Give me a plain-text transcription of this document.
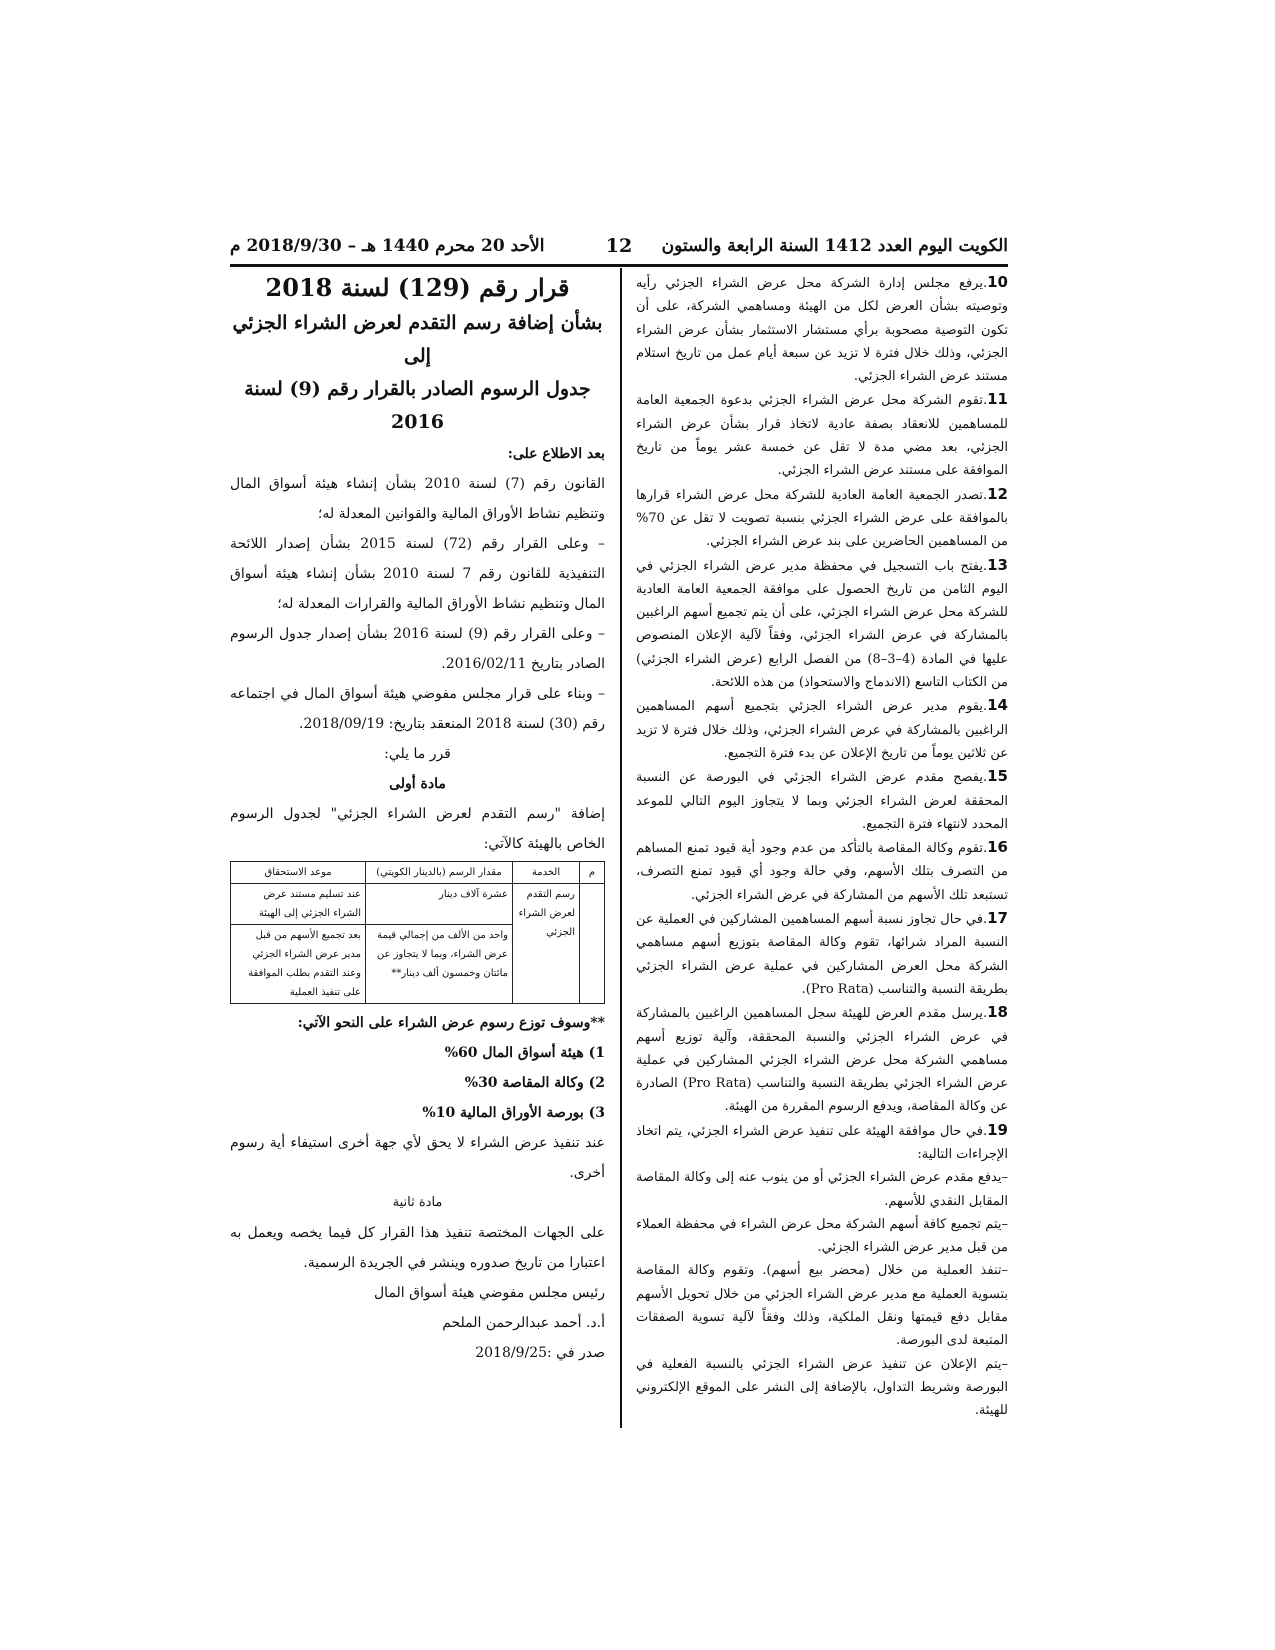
الكويت اليوم العدد 1412 السنة الرابعة والستون
12
الأحد 20 محرم 1440 هـ – 2018/9/30 م

10.يرفع مجلس إدارة الشركة محل عرض الشراء الجزئي رأيه وتوصيته بشأن العرض لكل من الهيئة ومساهمي الشركة، على أن تكون التوصية مصحوبة برأي مستشار الاستثمار بشأن عرض الشراء الجزئي، وذلك خلال فترة لا تزيد عن سبعة أيام عمل من تاريخ استلام مستند عرض الشراء الجزئي.

11.تقوم الشركة محل عرض الشراء الجزئي بدعوة الجمعية العامة للمساهمين للانعقاد بصفة عادية لاتخاذ قرار بشأن عرض الشراء الجزئي، بعد مضي مدة لا تقل عن خمسة عشر يوماً من تاريخ الموافقة على مستند عرض الشراء الجزئي.

12.تصدر الجمعية العامة العادية للشركة محل عرض الشراء قرارها بالموافقة على عرض الشراء الجزئي بنسبة تصويت لا تقل عن 70% من المساهمين الحاضرين على بند عرض الشراء الجزئي.

13.يفتح باب التسجيل في محفظة مدير عرض الشراء الجزئي في اليوم الثامن من تاريخ الحصول على موافقة الجمعية العامة العادية للشركة محل عرض الشراء الجزئي، على أن يتم تجميع أسهم الراغبين بالمشاركة في عرض الشراء الجزئي، وفقاً لآلية الإعلان المنصوص عليها في المادة (4–3–8) من الفصل الرابع (عرض الشراء الجزئي) من الكتاب التاسع (الاندماج والاستحواذ) من هذه اللائحة.

14.يقوم مدير عرض الشراء الجزئي بتجميع أسهم المساهمين الراغبين بالمشاركة في عرض الشراء الجزئي، وذلك خلال فترة لا تزيد عن ثلاثين يوماً من تاريخ الإعلان عن بدء فترة التجميع.

15.يفصح مقدم عرض الشراء الجزئي في البورصة عن النسبة المحققة لعرض الشراء الجزئي وبما لا يتجاوز اليوم التالي للموعد المحدد لانتهاء فترة التجميع.

16.تقوم وكالة المقاصة بالتأكد من عدم وجود أية قيود تمنع المساهم من التصرف بتلك الأسهم، وفي حالة وجود أي قيود تمنع التصرف، تستبعد تلك الأسهم من المشاركة في عرض الشراء الجزئي.

17.في حال تجاوز نسبة أسهم المساهمين المشاركين في العملية عن النسبة المراد شرائها، تقوم وكالة المقاصة بتوزيع أسهم مساهمي الشركة محل العرض المشاركين في عملية عرض الشراء الجزئي بطريقة النسبة والتناسب (Pro Rata).

18.يرسل مقدم العرض للهيئة سجل المساهمين الراغبين بالمشاركة في عرض الشراء الجزئي والنسبة المحققة، وآلية توزيع أسهم مساهمي الشركة محل عرض الشراء الجزئي المشاركين في عملية عرض الشراء الجزئي بطريقة النسبة والتناسب (Pro Rata) الصادرة عن وكالة المقاصة، ويدفع الرسوم المقررة من الهيئة.

19.في حال موافقة الهيئة على تنفيذ عرض الشراء الجزئي، يتم اتخاذ الإجراءات التالية:

–يدفع مقدم عرض الشراء الجزئي أو من ينوب عنه إلى وكالة المقاصة المقابل النقدي للأسهم.

–يتم تجميع كافة أسهم الشركة محل عرض الشراء في محفظة العملاء من قبل مدير عرض الشراء الجزئي.

–تنفذ العملية من خلال (محضر بيع أسهم). وتقوم وكالة المقاصة بتسوية العملية مع مدير عرض الشراء الجزئي من خلال تحويل الأسهم مقابل دفع قيمتها ونقل الملكية، وذلك وفقاً لآلية تسوية الصفقات المتبعة لدى البورصة.

–يتم الإعلان عن تنفيذ عرض الشراء الجزئي بالنسبة الفعلية في البورصة وشريط التداول، بالإضافة إلى النشر على الموقع الإلكتروني للهيئة.

قرار رقم (129) لسنة 2018

بشأن إضافة رسم التقدم لعرض الشراء الجزئي إلى

جدول الرسوم الصادر بالقرار رقم (9) لسنة 2016

بعد الاطلاع على:

القانون رقم (7) لسنة 2010 بشأن إنشاء هيئة أسواق المال وتنظيم نشاط الأوراق المالية والقوانين المعدلة له؛

– وعلى القرار رقم (72) لسنة 2015 بشأن إصدار اللائحة التنفيذية للقانون رقم 7 لسنة 2010 بشأن إنشاء هيئة أسواق المال وتنظيم نشاط الأوراق المالية والقرارات المعدلة له؛

– وعلى القرار رقم (9) لسنة 2016 بشأن إصدار جدول الرسوم الصادر بتاريخ 2016/02/11.

– وبناء على قرار مجلس مفوضي هيئة أسواق المال في اجتماعه رقم (30) لسنة 2018 المنعقد بتاريخ: 2018/09/19.

قرر ما يلي:

مادة أولى

إضافة "رسم التقدم لعرض الشراء الجزئي" لجدول الرسوم الخاص بالهيئة كالآتي:

م	الخدمة	مقدار الرسم (بالدينار الكويتي)	موعد الاستحقاق
	رسم التقدم لعرض الشراء الجزئي	عشرة آلاف دينار	عند تسليم مستند عرض الشراء الجزئي إلى الهيئة
		واحد من الألف من إجمالي قيمة عرض الشراء، وبما لا يتجاوز عن مائتان وخمسون ألف دينار**	بعد تجميع الأسهم من قبل مدير عرض الشراء الجزئي وعند التقدم بطلب الموافقة على تنفيذ العملية

**وسوف توزع رسوم عرض الشراء على النحو الآتي:

1) هيئة أسواق المال 60%

2) وكالة المقاصة 30%

3) بورصة الأوراق المالية 10%

عند تنفيذ عرض الشراء لا يحق لأي جهة أخرى استيفاء أية رسوم أخرى.

مادة ثانية

على الجهات المختصة تنفيذ هذا القرار كل فيما يخصه ويعمل به اعتبارا من تاريخ صدوره وينشر في الجريدة الرسمية.

رئيس مجلس مفوضي هيئة أسواق المال

أ.د. أحمد عبدالرحمن الملحم

صدر في :2018/9/25
